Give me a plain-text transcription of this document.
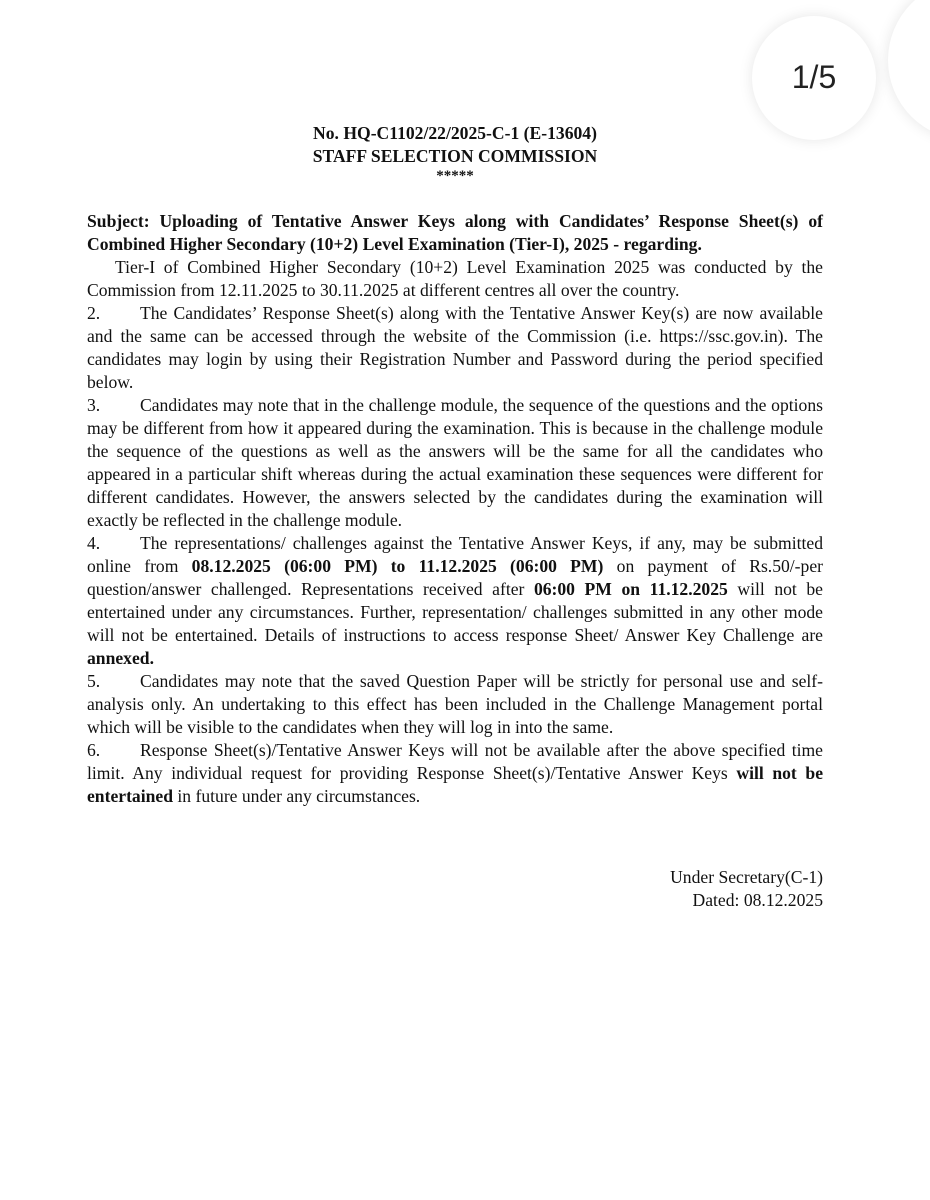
1/5

No. HQ-C1102/22/2025-C-1 (E-13604)

STAFF SELECTION COMMISSION

*****

Subject: Uploading of Tentative Answer Keys along with Candidates’ Response Sheet(s) of Combined Higher Secondary (10+2) Level Examination (Tier-I), 2025 - regarding.

Tier-I of Combined Higher Secondary (10+2) Level Examination 2025 was conducted by the Commission from 12.11.2025 to 30.11.2025 at different centres all over the country.

2. The Candidates’ Response Sheet(s) along with the Tentative Answer Key(s) are now available and the same can be accessed through the website of the Commission (i.e. https://ssc.gov.in). The candidates may login by using their Registration Number and Password during the period specified below.

3. Candidates may note that in the challenge module, the sequence of the questions and the options may be different from how it appeared during the examination. This is because in the challenge module the sequence of the questions as well as the answers will be the same for all the candidates who appeared in a particular shift whereas during the actual examination these sequences were different for different candidates. However, the answers selected by the candidates during the examination will exactly be reflected in the challenge module.

4. The representations/ challenges against the Tentative Answer Keys, if any, may be submitted online from 08.12.2025 (06:00 PM) to 11.12.2025 (06:00 PM) on payment of Rs.50/-per question/answer challenged. Representations received after 06:00 PM on 11.12.2025 will not be entertained under any circumstances. Further, representation/ challenges submitted in any other mode will not be entertained. Details of instructions to access response Sheet/ Answer Key Challenge are annexed.

5. Candidates may note that the saved Question Paper will be strictly for personal use and self-analysis only. An undertaking to this effect has been included in the Challenge Management portal which will be visible to the candidates when they will log in into the same.

6. Response Sheet(s)/Tentative Answer Keys will not be available after the above specified time limit. Any individual request for providing Response Sheet(s)/Tentative Answer Keys will not be entertained in future under any circumstances.

Under Secretary(C-1)
Dated: 08.12.2025
